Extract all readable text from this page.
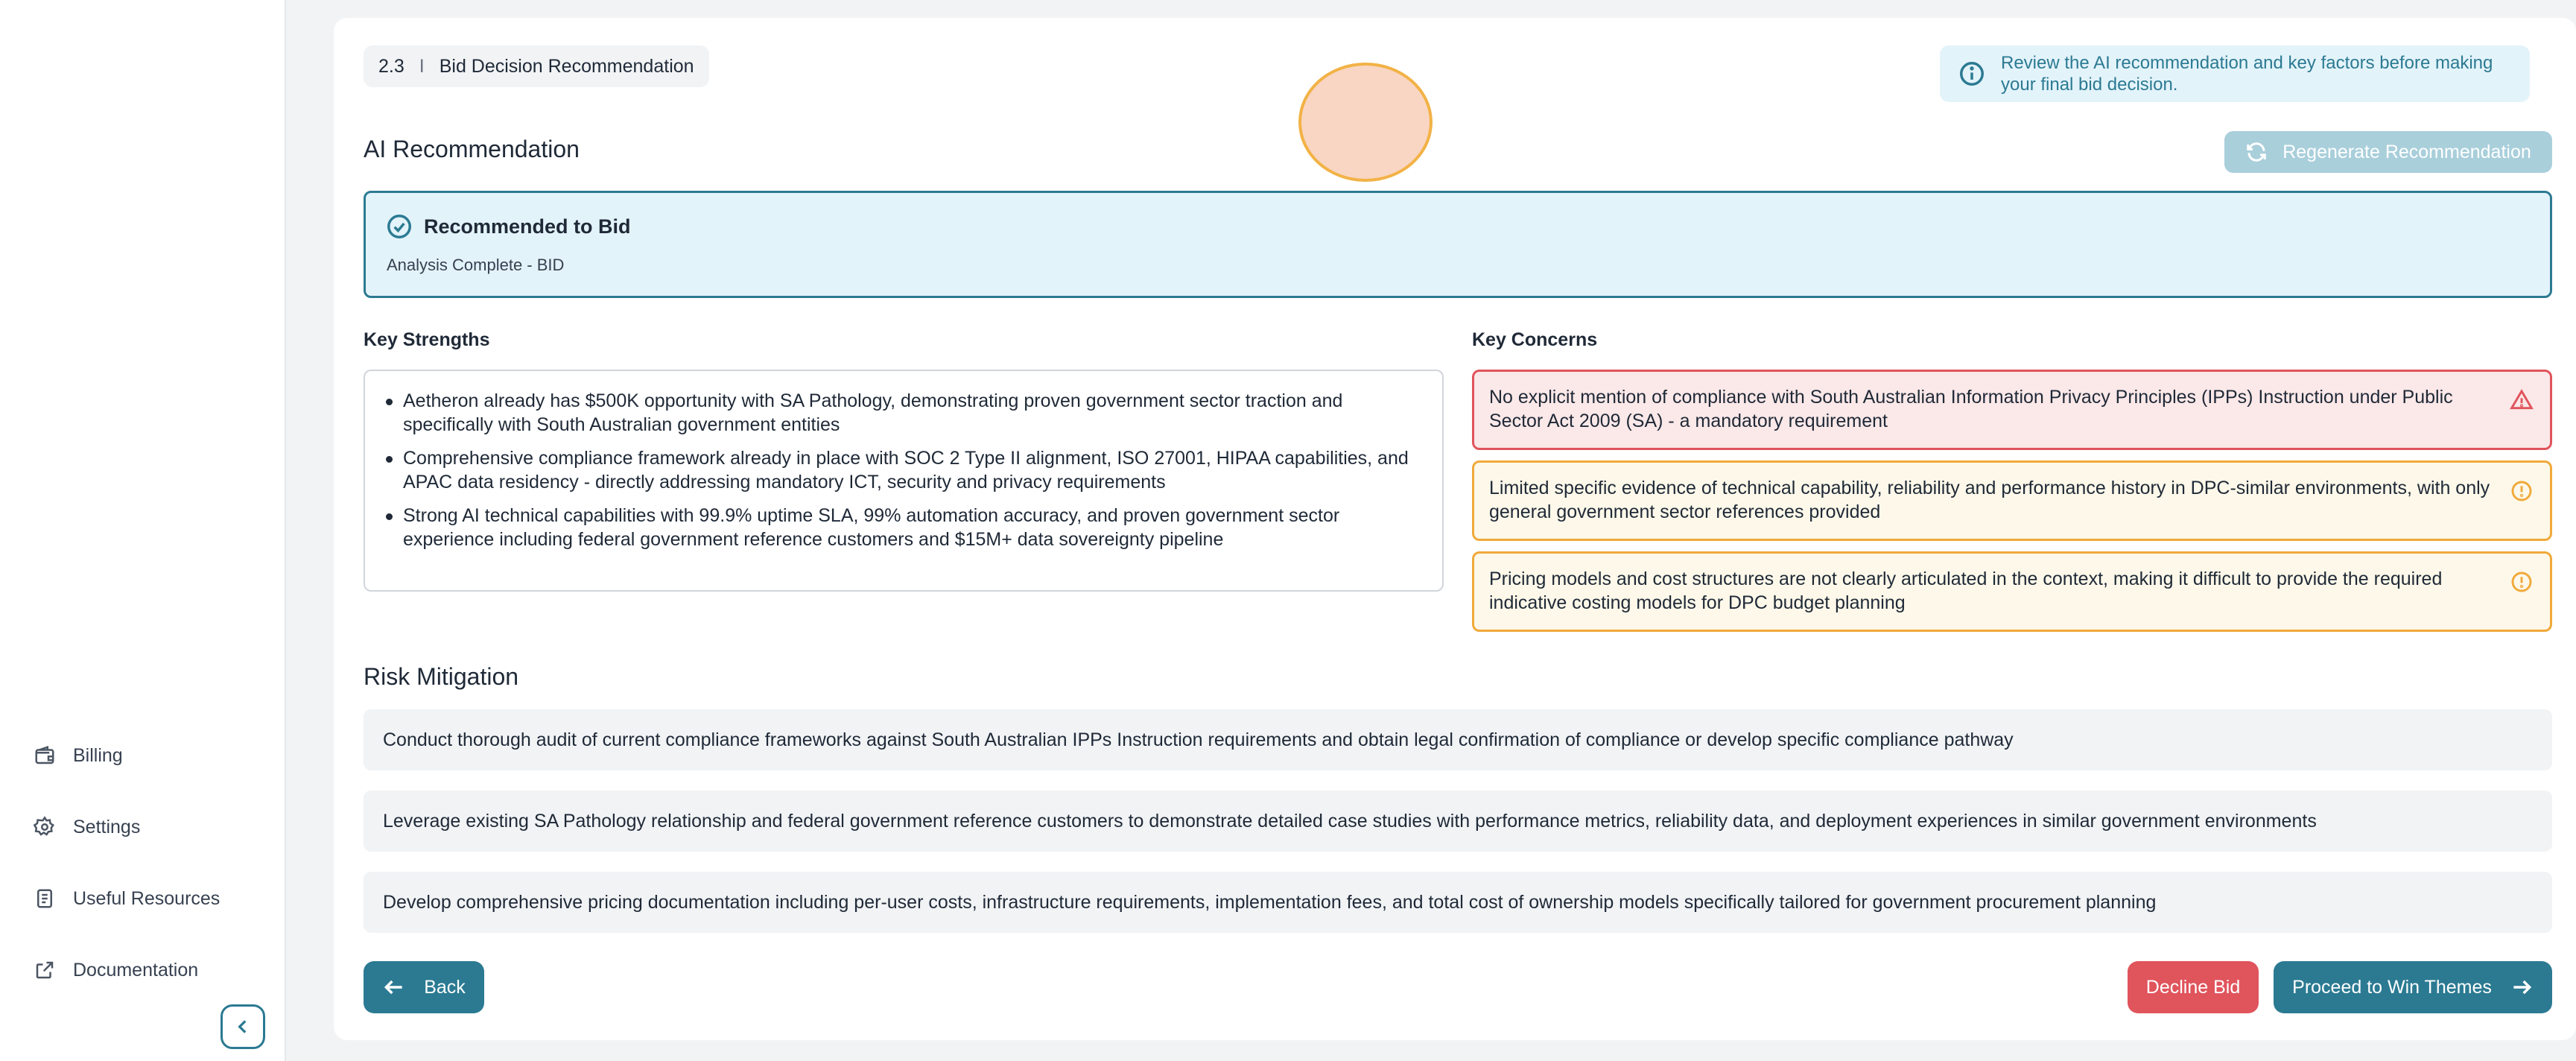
Billing
Settings
Useful Resources
Documentation
2.3 I Bid Decision Recommendation	Review the AI recommendation and key factors before making your final bid decision.
AI Recommendation	Regenerate Recommendation
Recommended to Bid
Analysis Complete - BID
Key Strengths	Key Concerns
Aetheron already has $500K opportunity with SA Pathology, demonstrating proven government sector traction and specifically with South Australian government entities
Comprehensive compliance framework already in place with SOC 2 Type II alignment, ISO 27001, HIPAA capabilities, and APAC data residency - directly addressing mandatory ICT, security and privacy requirements
Strong AI technical capabilities with 99.9% uptime SLA, 99% automation accuracy, and proven government sector experience including federal government reference customers and $15M+ data sovereignty pipeline
No explicit mention of compliance with South Australian Information Privacy Principles (IPPs) Instruction under Public Sector Act 2009 (SA) - a mandatory requirement
Limited specific evidence of technical capability, reliability and performance history in DPC-similar environments, with only general government sector references provided
Pricing models and cost structures are not clearly articulated in the context, making it difficult to provide the required indicative costing models for DPC budget planning
Risk Mitigation
Conduct thorough audit of current compliance frameworks against South Australian IPPs Instruction requirements and obtain legal confirmation of compliance or develop specific compliance pathway
Leverage existing SA Pathology relationship and federal government reference customers to demonstrate detailed case studies with performance metrics, reliability data, and deployment experiences in similar government environments
Develop comprehensive pricing documentation including per-user costs, infrastructure requirements, implementation fees, and total cost of ownership models specifically tailored for government procurement planning
Back	Decline Bid	Proceed to Win Themes
